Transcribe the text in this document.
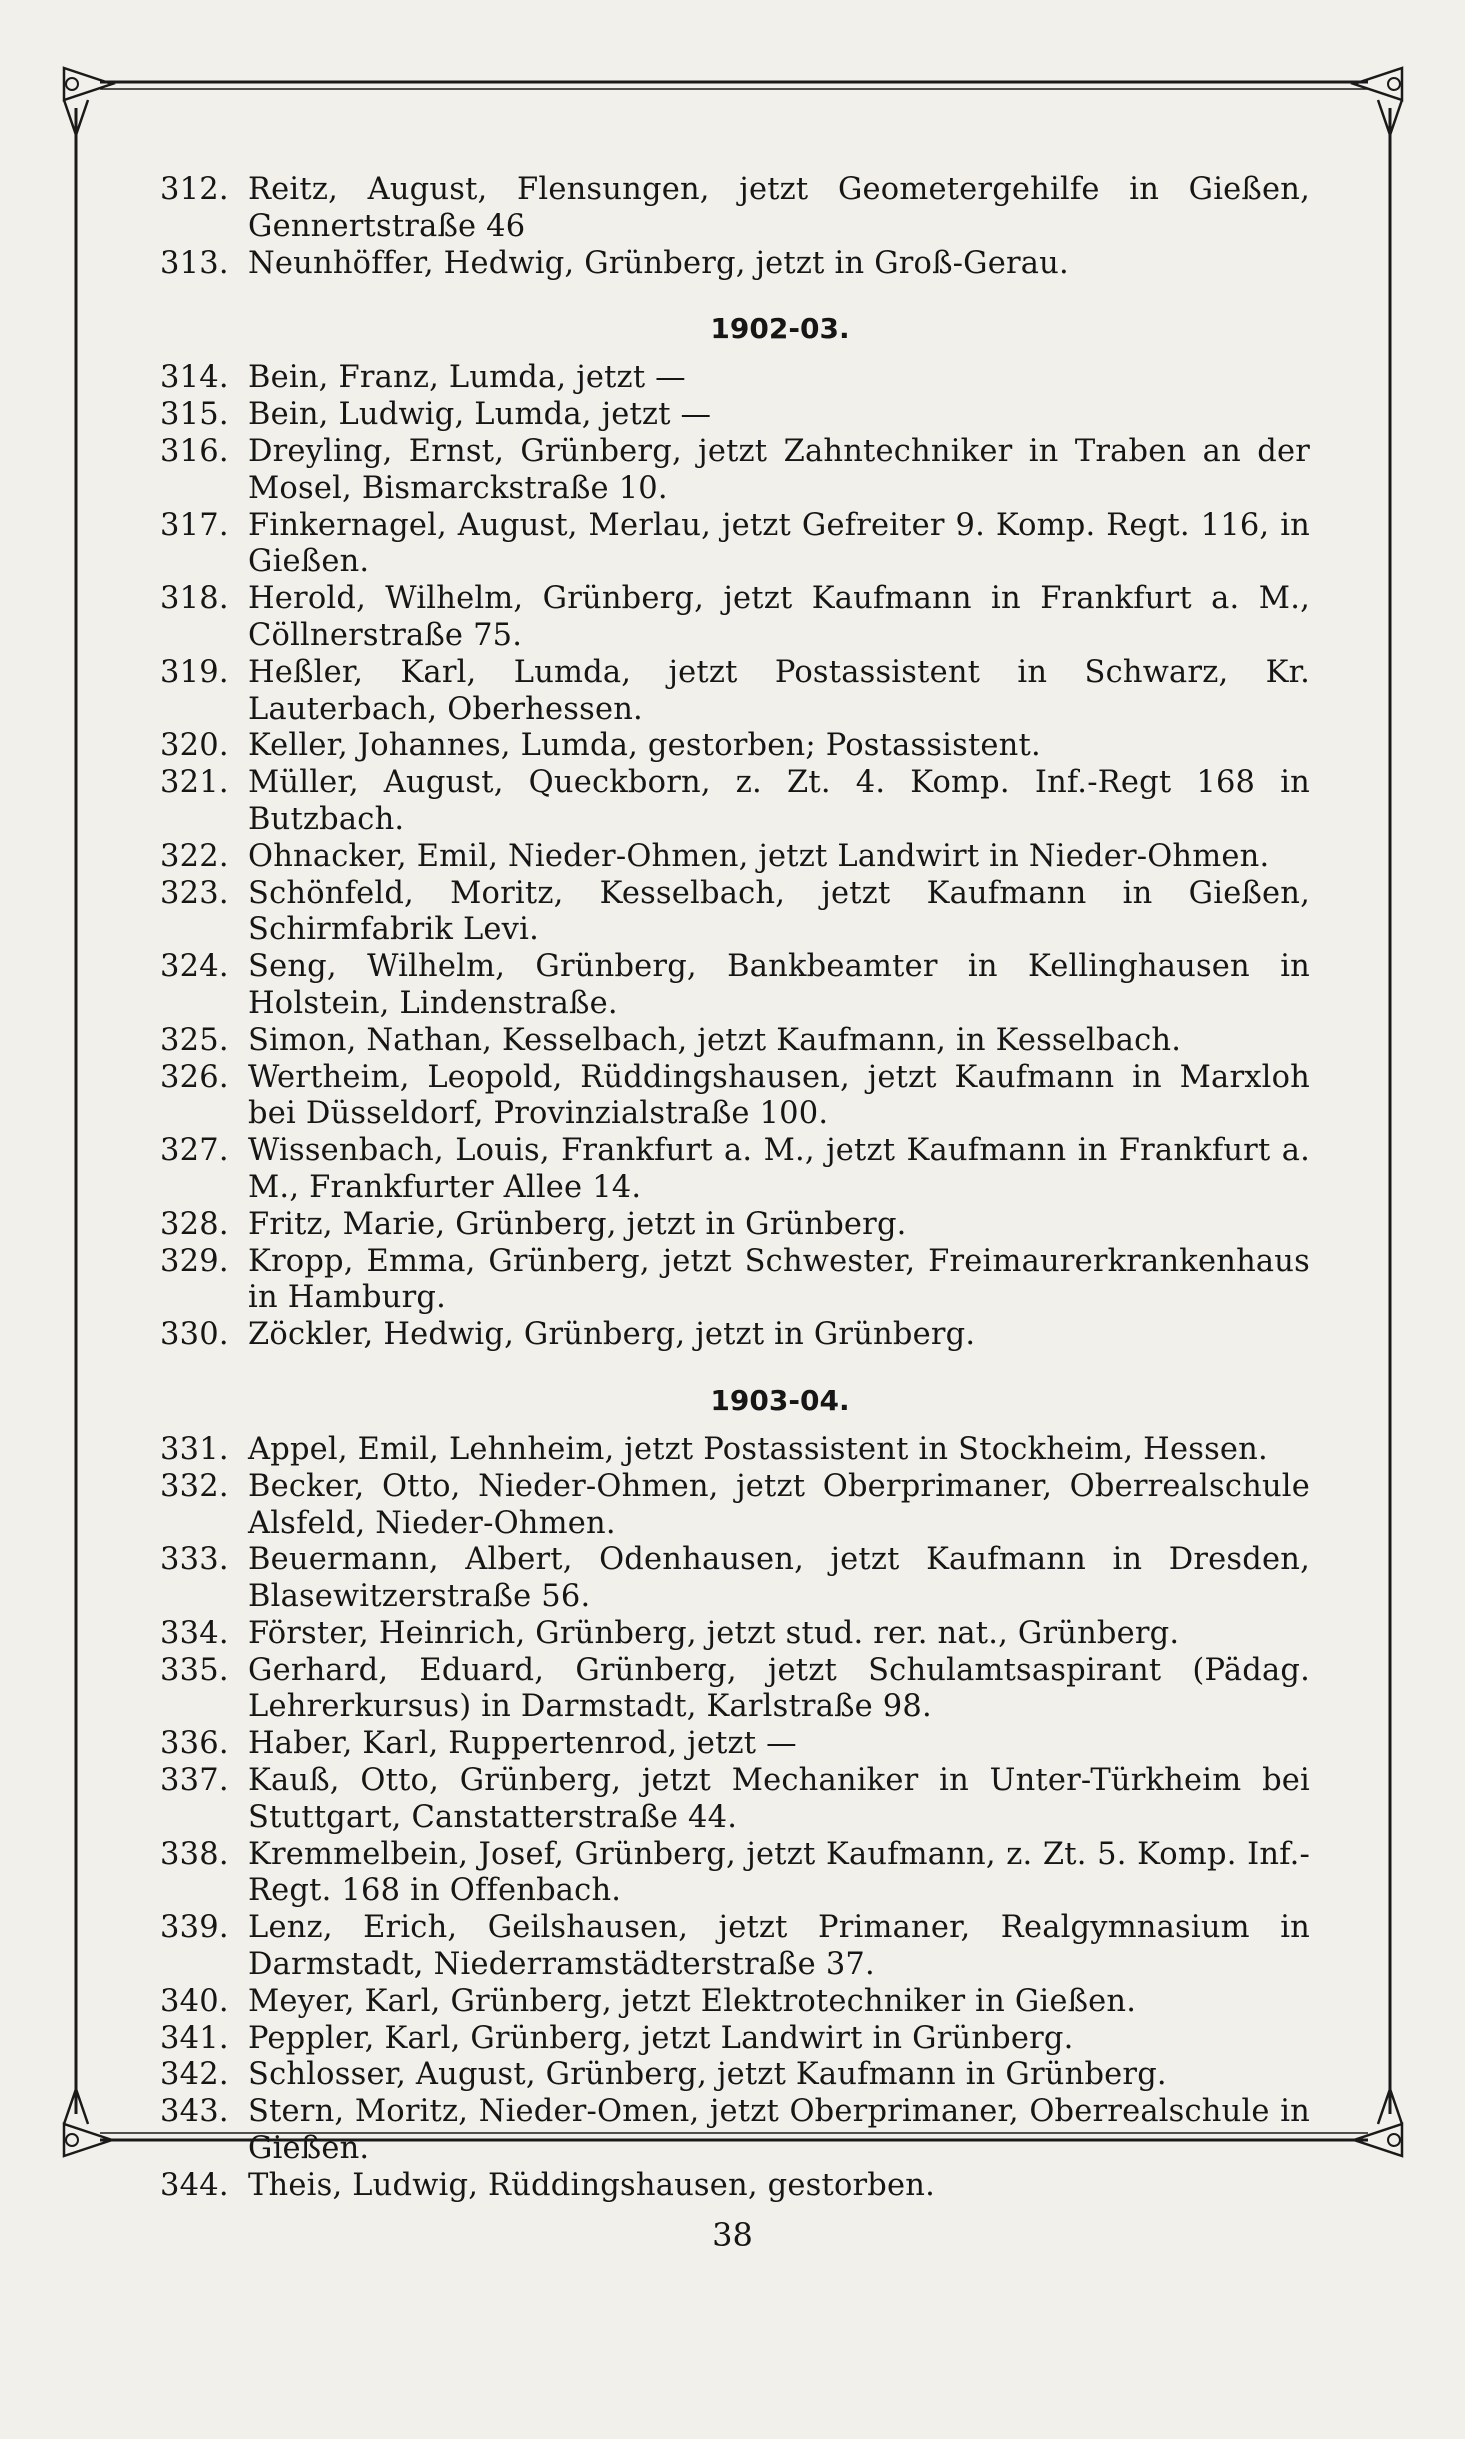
312. Reitz, August, Flensungen, jetzt Geometergehilfe in Gießen, Gennertstraße 46
313. Neunhöffer, Hedwig, Grünberg, jetzt in Groß-Gerau.
1902-03.
314. Bein, Franz, Lumda, jetzt —
315. Bein, Ludwig, Lumda, jetzt —
316. Dreyling, Ernst, Grünberg, jetzt Zahntechniker in Traben an der Mosel, Bismarckstraße 10.
317. Finkernagel, August, Merlau, jetzt Gefreiter 9. Komp. Regt. 116, in Gießen.
318. Herold, Wilhelm, Grünberg, jetzt Kaufmann in Frankfurt a. M., Cöllnerstraße 75.
319. Heßler, Karl, Lumda, jetzt Postassistent in Schwarz, Kr. Lauterbach, Oberhessen.
320. Keller, Johannes, Lumda, gestorben; Postassistent.
321. Müller, August, Queckborn, z. Zt. 4. Komp. Inf.-Regt 168 in Butzbach.
322. Ohnacker, Emil, Nieder-Ohmen, jetzt Landwirt in Nieder-Ohmen.
323. Schönfeld, Moritz, Kesselbach, jetzt Kaufmann in Gießen, Schirmfabrik Levi.
324. Seng, Wilhelm, Grünberg, Bankbeamter in Kellinghausen in Holstein, Lindenstraße.
325. Simon, Nathan, Kesselbach, jetzt Kaufmann, in Kesselbach.
326. Wertheim, Leopold, Rüddingshausen, jetzt Kaufmann in Marxloh bei Düsseldorf, Provinzialstraße 100.
327. Wissenbach, Louis, Frankfurt a. M., jetzt Kaufmann in Frankfurt a. M., Frankfurter Allee 14.
328. Fritz, Marie, Grünberg, jetzt in Grünberg.
329. Kropp, Emma, Grünberg, jetzt Schwester, Freimaurerkrankenhaus in Hamburg.
330. Zöckler, Hedwig, Grünberg, jetzt in Grünberg.
1903-04.
331. Appel, Emil, Lehnheim, jetzt Postassistent in Stockheim, Hessen.
332. Becker, Otto, Nieder-Ohmen, jetzt Oberprimaner, Oberrealschule Alsfeld, Nieder-Ohmen.
333. Beuermann, Albert, Odenhausen, jetzt Kaufmann in Dresden, Blasewitzerstraße 56.
334. Förster, Heinrich, Grünberg, jetzt stud. rer. nat., Grünberg.
335. Gerhard, Eduard, Grünberg, jetzt Schulamtsaspirant (Pädag. Lehrerkursus) in Darmstadt, Karlstraße 98.
336. Haber, Karl, Ruppertenrod, jetzt —
337. Kauß, Otto, Grünberg, jetzt Mechaniker in Unter-Türkheim bei Stuttgart, Canstatterstraße 44.
338. Kremmelbein, Josef, Grünberg, jetzt Kaufmann, z. Zt. 5. Komp. Inf.-Regt. 168 in Offenbach.
339. Lenz, Erich, Geilshausen, jetzt Primaner, Realgymnasium in Darmstadt, Niederramstädterstraße 37.
340. Meyer, Karl, Grünberg, jetzt Elektrotechniker in Gießen.
341. Peppler, Karl, Grünberg, jetzt Landwirt in Grünberg.
342. Schlosser, August, Grünberg, jetzt Kaufmann in Grünberg.
343. Stern, Moritz, Nieder-Omen, jetzt Oberprimaner, Oberrealschule in Gießen.
344. Theis, Ludwig, Rüddingshausen, gestorben.
38
